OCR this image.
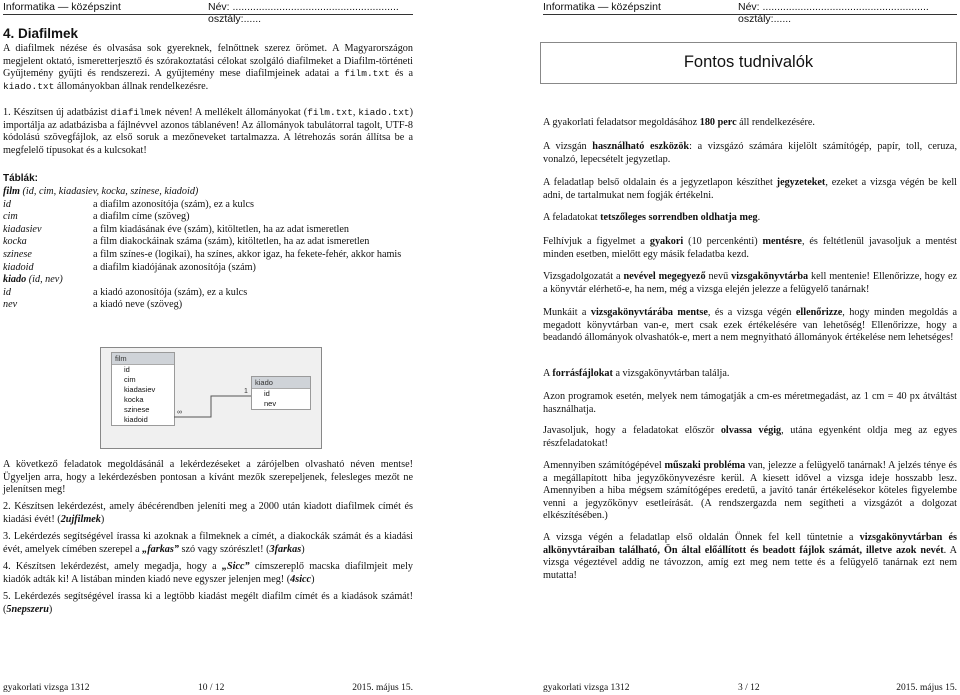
Informatika — középszint	Név: ......................................................... osztály:......
4. Diafilmek

A diafilmek nézése és olvasása sok gyereknek, felnőttnek szerez örömet. A Magyarországon megjelent oktató, ismeretterjesztő és szórakoztatási célokat szolgáló diafilmeket a Diafilm-történeti Gyűjtemény gyűjti és rendszerezi. A gyűjtemény mese diafilmjeinek adatai a film.txt és a kiado.txt állományokban állnak rendelkezésre.

1. Készítsen új adatbázist diafilmek néven! A mellékelt állományokat (film.txt, kiado.txt) importálja az adatbázisba a fájlnévvel azonos táblanéven! Az állományok tabulátorral tagolt, UTF-8 kódolású szövegfájlok, az első soruk a mezőneveket tartalmazza. A létrehozás során állítsa be a megfelelő típusokat és a kulcsokat!

Táblák:
film (id, cim, kiadasiev, kocka, szinese, kiadoid)
id	a diafilm azonosítója (szám), ez a kulcs
cim	a diafilm címe (szöveg)
kiadasiev	a film kiadásának éve (szám), kitöltetlen, ha az adat ismeretlen
kocka	a film diakockáinak száma (szám), kitöltetlen, ha az adat ismeretlen
szinese	a film színes-e (logikai), ha színes, akkor igaz, ha fekete-fehér, akkor hamis
kiadoid	a diafilm kiadójának azonosítója (szám)
kiado (id, nev)
id	a kiadó azonosítója (szám), ez a kulcs
nev	a kiadó neve (szöveg)
film
id
cim
kiadasiev
kocka
szinese
kiadoid
kiado
id
nev
∞
1

A következő feladatok megoldásánál a lekérdezéseket a zárójelben olvasható néven mentse! Ügyeljen arra, hogy a lekérdezésben pontosan a kívánt mezők szerepeljenek, felesleges mezőt ne jelenítsen meg!

2. Készítsen lekérdezést, amely ábécérendben jeleníti meg a 2000 után kiadott diafilmek címét és kiadási évét! (2ujfilmek)

3. Lekérdezés segítségével írassa ki azoknak a filmeknek a címét, a diakockák számát és a kiadási évét, amelyek címében szerepel a „farkas” szó vagy szórészlet! (3farkas)

4. Készítsen lekérdezést, amely megadja, hogy a „Sicc” címszereplő macska diafilmjeit mely kiadók adták ki! A listában minden kiadó neve egyszer jelenjen meg! (4sicc)

5. Lekérdezés segítségével írassa ki a legtöbb kiadást megélt diafilm címét és a kiadások számát! (5nepszeru)

gyakorlati vizsga 1312	10 / 12	2015. május 15.
Informatika — középszint	Név: ......................................................... osztály:......
Fontos tudnivalók

A gyakorlati feladatsor megoldásához 180 perc áll rendelkezésére.

A vizsgán használható eszközök: a vizsgázó számára kijelölt számítógép, papír, toll, ceruza, vonalzó, lepecsételt jegyzetlap.

A feladatlap belső oldalain és a jegyzetlapon készíthet jegyzeteket, ezeket a vizsga végén be kell adni, de tartalmukat nem fogják értékelni.

A feladatokat tetszőleges sorrendben oldhatja meg.

Felhívjuk a figyelmet a gyakori (10 percenkénti) mentésre, és feltétlenül javasoljuk a mentést minden esetben, mielőtt egy másik feladatba kezd.

Vizsgadolgozatát a nevével megegyező nevű vizsgakönyvtárba kell mentenie! Ellenőrizze, hogy ez a könyvtár elérhető-e, ha nem, még a vizsga elején jelezze a felügyelő tanárnak!

Munkáit a vizsgakönyvtárába mentse, és a vizsga végén ellenőrizze, hogy minden megoldás a megadott könyvtárban van-e, mert csak ezek értékelésére van lehetőség! Ellenőrizze, hogy a beadandó állományok olvashatók-e, mert a nem megnyitható állományok értékelése nem lehetséges!

A forrásfájlokat a vizsgakönyvtárban találja.

Azon programok esetén, melyek nem támogatják a cm-es méretmegadást, az 1 cm = 40 px átváltást használhatja.

Javasoljuk, hogy a feladatokat először olvassa végig, utána egyenként oldja meg az egyes részfeladatokat!

Amennyiben számítógépével műszaki probléma van, jelezze a felügyelő tanárnak! A jelzés ténye és a megállapított hiba jegyzőkönyvezésre kerül. A kiesett idővel a vizsga ideje hosszabb lesz. Amennyiben a hiba mégsem számítógépes eredetű, a javító tanár értékelésekor köteles figyelembe venni a jegyzőkönyv esetleírását. (A rendszergazda nem segítheti a vizsgázót a dolgozat elkészítésében.)

A vizsga végén a feladatlap első oldalán Önnek fel kell tüntetnie a vizsgakönyvtárban és alkönyvtáraiban található, Ön által előállított és beadott fájlok számát, illetve azok nevét. A vizsga végeztével addig ne távozzon, amíg ezt meg nem tette és a felügyelő tanárnak ezt nem mutatta!

gyakorlati vizsga 1312	3 / 12	2015. május 15.
